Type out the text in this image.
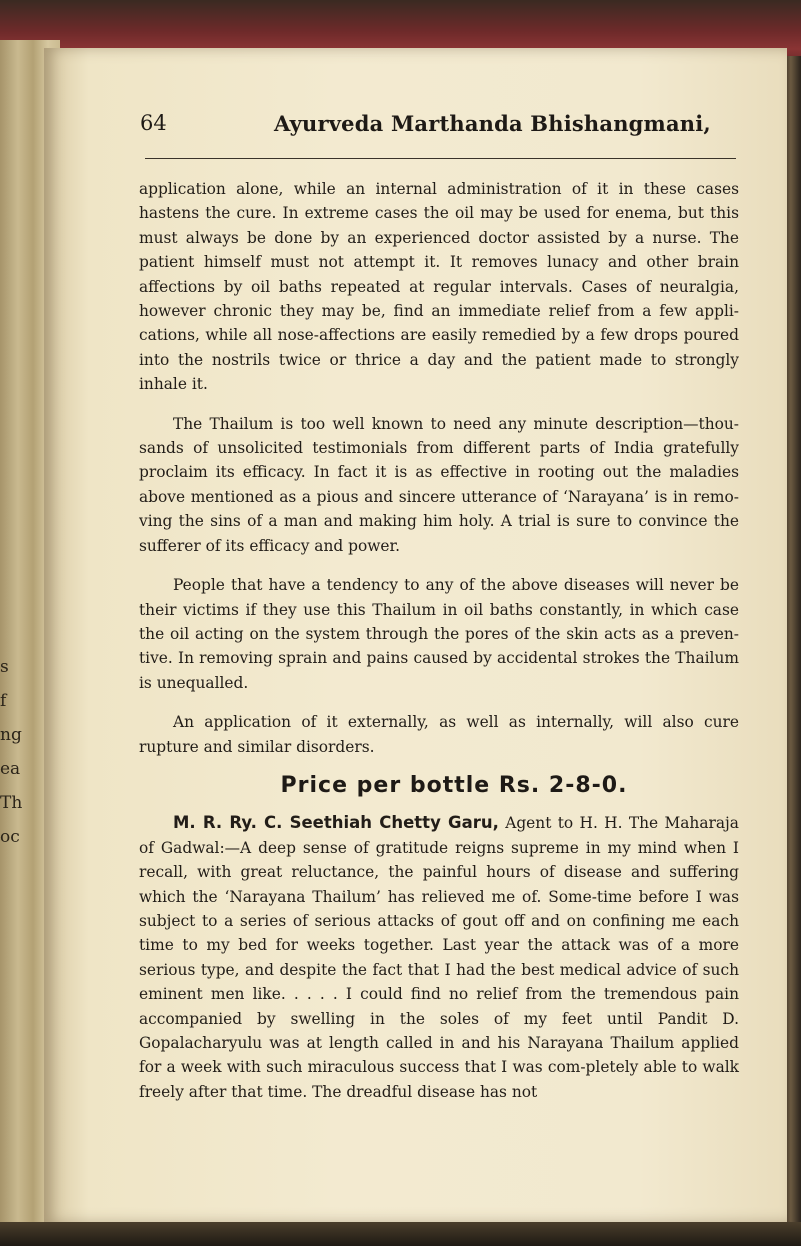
s
f
ng
ea
Th
oc
64	Ayurveda Marthanda Bhishangmani,

application alone, while an internal administration of it in these cases hastens the cure. In extreme cases the oil may be used for enema, but this must always be done by an experienced doctor assisted by a nurse. The patient himself must not attempt it. It removes lunacy and other brain affections by oil baths repeated at regular intervals. Cases of neuralgia, however chronic they may be, find an immediate relief from a few appli-cations, while all nose-affections are easily remedied by a few drops poured into the nostrils twice or thrice a day and the patient made to strongly inhale it.

The Thailum is too well known to need any minute description—thou-sands of unsolicited testimonials from different parts of India gratefully proclaim its efficacy. In fact it is as effective in rooting out the maladies above mentioned as a pious and sincere utterance of ‘Narayana’ is in remo-ving the sins of a man and making him holy. A trial is sure to convince the sufferer of its efficacy and power.

People that have a tendency to any of the above diseases will never be their victims if they use this Thailum in oil baths constantly, in which case the oil acting on the system through the pores of the skin acts as a preven-tive. In removing sprain and pains caused by accidental strokes the Thailum is unequalled.

An application of it externally, as well as internally, will also cure rupture and similar disorders.

Price per bottle Rs. 2-8-0.

M. R. Ry. C. Seethiah Chetty Garu, Agent to H. H. The Maharaja of Gadwal:—A deep sense of gratitude reigns supreme in my mind when I recall, with great reluctance, the painful hours of disease and suffering which the ‘Narayana Thailum’ has relieved me of. Some-time before I was subject to a series of serious attacks of gout off and on confining me each time to my bed for weeks together. Last year the attack was of a more serious type, and despite the fact that I had the best medical advice of such eminent men like. . . . . I could find no relief from the tremendous pain accompanied by swelling in the soles of my feet until Pandit D. Gopalacharyulu was at length called in and his Narayana Thailum applied for a week with such miraculous success that I was com-pletely able to walk freely after that time. The dreadful disease has not
